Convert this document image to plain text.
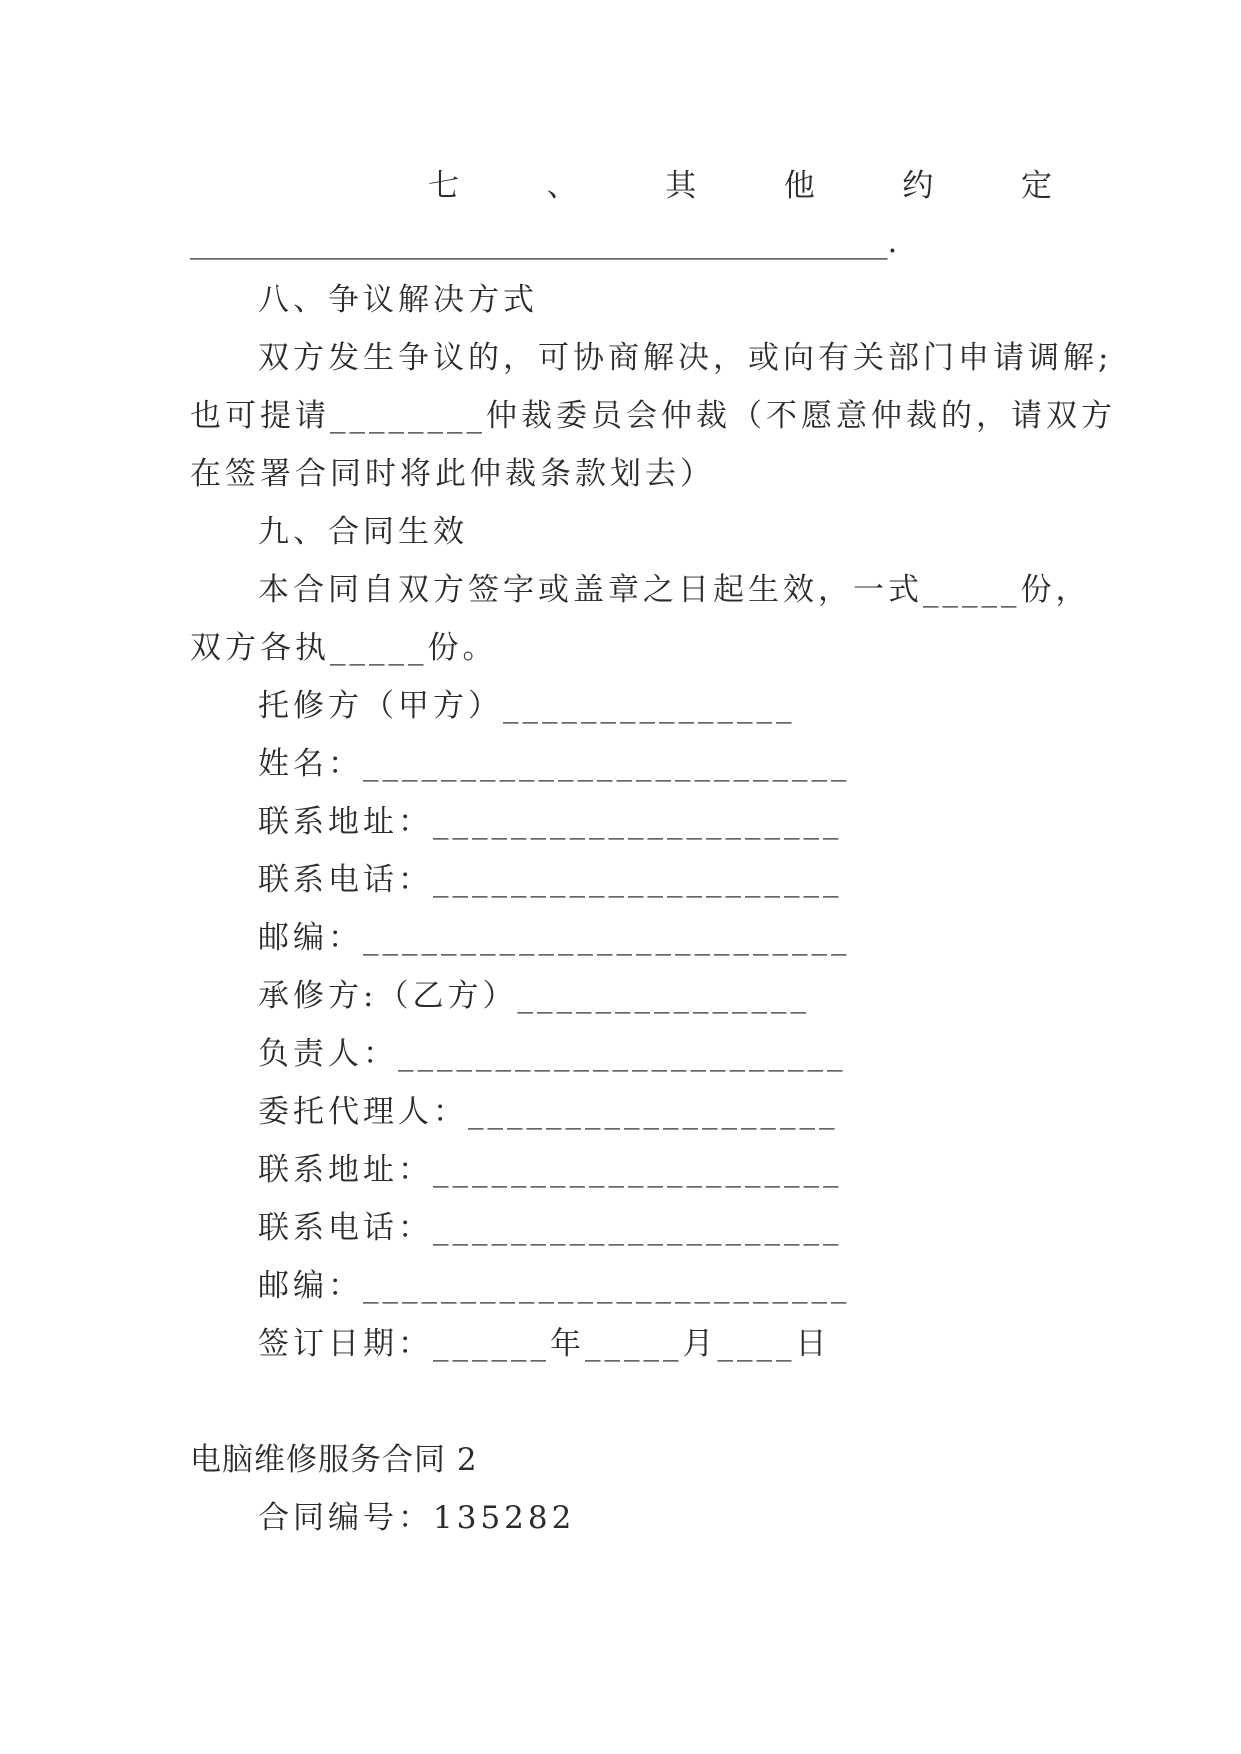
七	、	其	他	约	定
_____________________________________________.
八、争议解决方式
双方发生争议的，可协商解决，或向有关部门申请调解;
也可提请________仲裁委员会仲裁（不愿意仲裁的，请双方
在签署合同时将此仲裁条款划去）
九、合同生效
本合同自双方签字或盖章之日起生效，一式_____份，
双方各执_____份。
托修方（甲方）_______________
姓名：_________________________
联系地址：_____________________
联系电话：_____________________
邮编：_________________________
承修方:（乙方）_______________
负责人：_______________________
委托代理人：___________________
联系地址：_____________________
联系电话：_____________________
邮编：_________________________
签订日期：______年_____月____日
电脑维修服务合同 2
合同编号：135282
